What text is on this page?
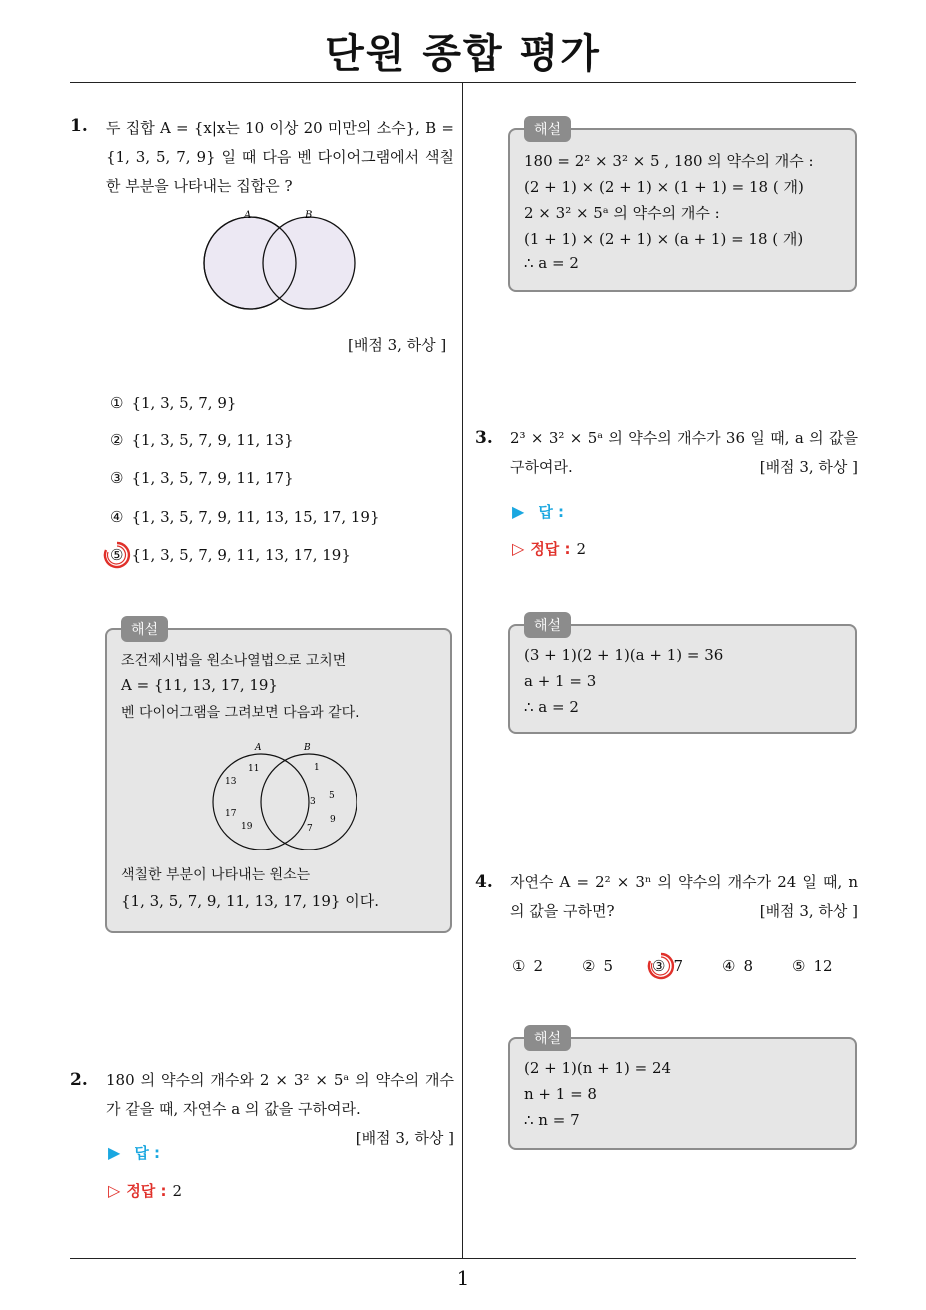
단원 종합 평가
1. 두 집합 A = {x|x는 10 이상 20 미만의 소수}, B = {1, 3, 5, 7, 9} 일 때 다음 벤 다이어그램에서 색칠한 부분을 나타내는 집합은 ?
A	B
[배점 3, 하상 ]
① {1, 3, 5, 7, 9}
② {1, 3, 5, 7, 9, 11, 13}
③ {1, 3, 5, 7, 9, 11, 17}
④ {1, 3, 5, 7, 9, 11, 13, 15, 17, 19}
⑤ {1, 3, 5, 7, 9, 11, 13, 17, 19}
해설
조건제시법을 원소나열법으로 고치면
A = {11, 13, 17, 19}
벤 다이어그램을 그려보면 다음과 같다.
A	B
11
13
17
19
1
3
5
7
9
색칠한 부분이 나타내는 원소는
{1, 3, 5, 7, 9, 11, 13, 17, 19} 이다.
2. 180 의 약수의 개수와 2 × 3² × 5ᵃ 의 약수의 개수가 같을 때, 자연수 a 의 값을 구하여라.
[배점 3, 하상 ]
▶ 답 :
▷ 정답 : 2
해설
180 = 2² × 3² × 5 , 180 의 약수의 개수 :
(2 + 1) × (2 + 1) × (1 + 1) = 18 ( 개)
2 × 3² × 5ᵃ 의 약수의 개수 :
(1 + 1) × (2 + 1) × (a + 1) = 18 ( 개)
∴ a = 2
3. 2³ × 3² × 5ᵃ 의 약수의 개수가 36 일 때, a 의 값을 구하여라.	[배점 3, 하상 ]
▶ 답 :
▷ 정답 : 2
해설
(3 + 1)(2 + 1)(a + 1) = 36
a + 1 = 3
∴ a = 2
4. 자연수 A = 2² × 3ⁿ 의 약수의 개수가 24 일 때, n 의 값을 구하면?	[배점 3, 하상 ]
① 2	② 5	③ 7	④ 8	⑤ 12
해설
(2 + 1)(n + 1) = 24
n + 1 = 8
∴ n = 7
1
